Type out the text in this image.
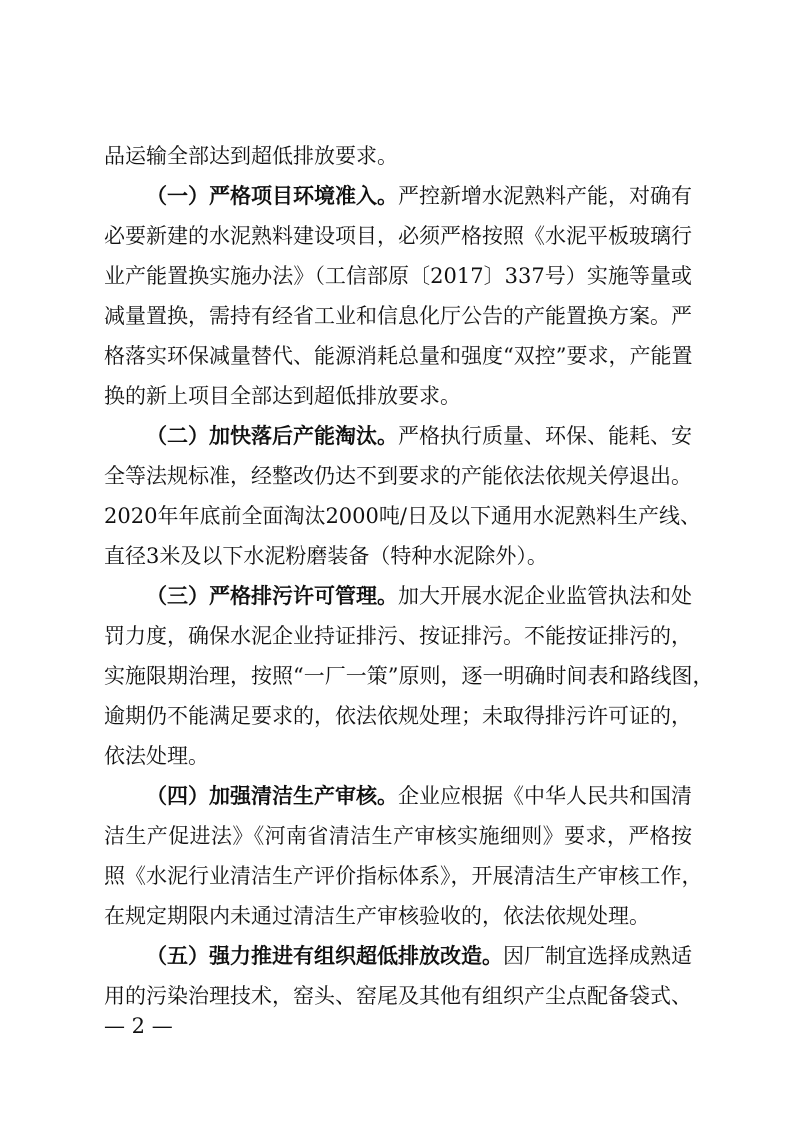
品运输全部达到超低排放要求。
（一）严格项目环境准入。严控新增水泥熟料产能，对确有
必要新建的水泥熟料建设项目，必须严格按照《水泥平板玻璃行
业产能置换实施办法》（工信部原〔2017〕337号）实施等量或
减量置换，需持有经省工业和信息化厅公告的产能置换方案。严
格落实环保减量替代、能源消耗总量和强度“双控”要求，产能置
换的新上项目全部达到超低排放要求。
（二）加快落后产能淘汰。严格执行质量、环保、能耗、安
全等法规标准，经整改仍达不到要求的产能依法依规关停退出。
2020年年底前全面淘汰2000吨/日及以下通用水泥熟料生产线、
直径3米及以下水泥粉磨装备（特种水泥除外）。
（三）严格排污许可管理。加大开展水泥企业监管执法和处
罚力度，确保水泥企业持证排污、按证排污。不能按证排污的，
实施限期治理，按照“一厂一策”原则，逐一明确时间表和路线图，
逾期仍不能满足要求的，依法依规处理；未取得排污许可证的，
依法处理。
（四）加强清洁生产审核。企业应根据《中华人民共和国清
洁生产促进法》《河南省清洁生产审核实施细则》要求，严格按
照《水泥行业清洁生产评价指标体系》，开展清洁生产审核工作，
在规定期限内未通过清洁生产审核验收的，依法依规处理。
（五）强力推进有组织超低排放改造。因厂制宜选择成熟适
用的污染治理技术，窑头、窑尾及其他有组织产尘点配备袋式、
— 2 —
